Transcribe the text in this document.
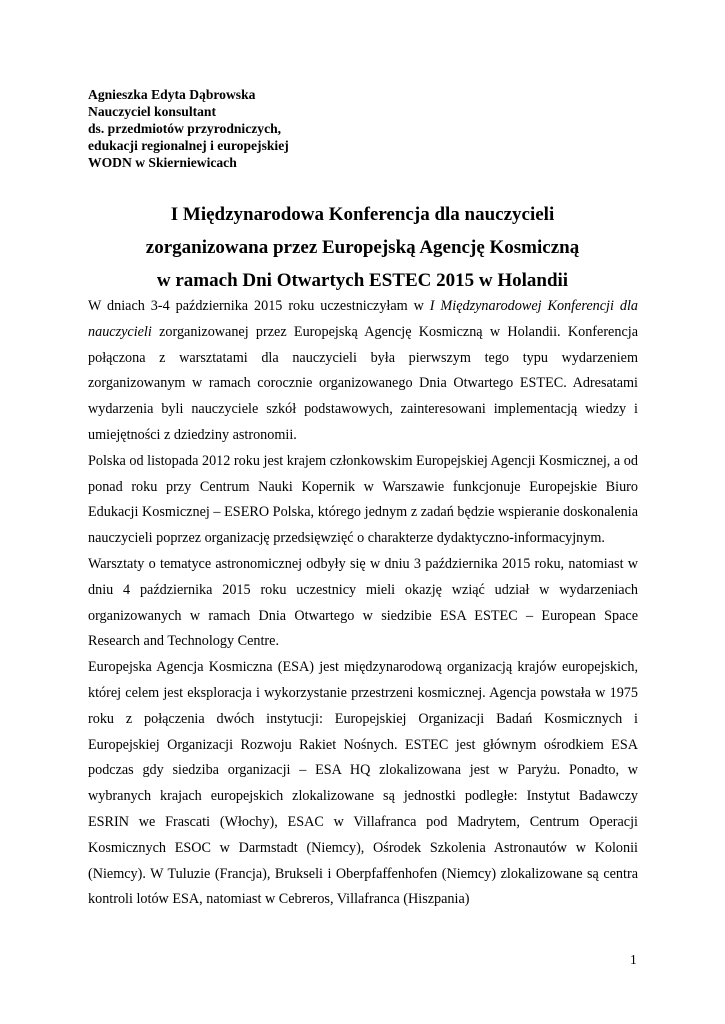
Agnieszka Edyta Dąbrowska
Nauczyciel konsultant
ds. przedmiotów przyrodniczych,
edukacji regionalnej i europejskiej
WODN w Skierniewicach
I Międzynarodowa Konferencja dla nauczycieli
zorganizowana przez Europejską Agencję Kosmiczną
w ramach Dni Otwartych ESTEC 2015 w Holandii

W dniach 3-4 października 2015 roku uczestniczyłam w I Międzynarodowej Konferencji dla nauczycieli zorganizowanej przez Europejską Agencję Kosmiczną w Holandii. Konferencja połączona z warsztatami dla nauczycieli była pierwszym tego typu wydarzeniem zorganizowanym w ramach corocznie organizowanego Dnia Otwartego ESTEC. Adresatami wydarzenia byli nauczyciele szkół podstawowych, zainteresowani implementacją wiedzy i umiejętności z dziedziny astronomii.

Polska od listopada 2012 roku jest krajem członkowskim Europejskiej Agencji Kosmicznej, a od ponad roku przy Centrum Nauki Kopernik w Warszawie funkcjonuje Europejskie Biuro Edukacji Kosmicznej – ESERO Polska, którego jednym z zadań będzie wspieranie doskonalenia nauczycieli poprzez organizację przedsięwzięć o charakterze dydaktyczno-informacyjnym.

Warsztaty o tematyce astronomicznej odbyły się w dniu 3 października 2015 roku, natomiast w dniu 4 października 2015 roku uczestnicy mieli okazję wziąć udział w wydarzeniach organizowanych w ramach Dnia Otwartego w siedzibie ESA ESTEC – European Space Research and Technology Centre.

Europejska Agencja Kosmiczna (ESA) jest międzynarodową organizacją krajów europejskich, której celem jest eksploracja i wykorzystanie przestrzeni kosmicznej. Agencja powstała w 1975 roku z połączenia dwóch instytucji: Europejskiej Organizacji Badań Kosmicznych i Europejskiej Organizacji Rozwoju Rakiet Nośnych. ESTEC jest głównym ośrodkiem ESA podczas gdy siedziba organizacji – ESA HQ zlokalizowana jest w Paryżu. Ponadto, w wybranych krajach europejskich zlokalizowane są jednostki podległe: Instytut Badawczy ESRIN we Frascati (Włochy), ESAC w Villafranca pod Madrytem, Centrum Operacji Kosmicznych ESOC w Darmstadt (Niemcy), Ośrodek Szkolenia Astronautów w Kolonii (Niemcy). W Tuluzie (Francja), Brukseli i Oberpfaffenhofen (Niemcy) zlokalizowane są centra kontroli lotów ESA, natomiast w Cebreros, Villafranca (Hiszpania)

1
